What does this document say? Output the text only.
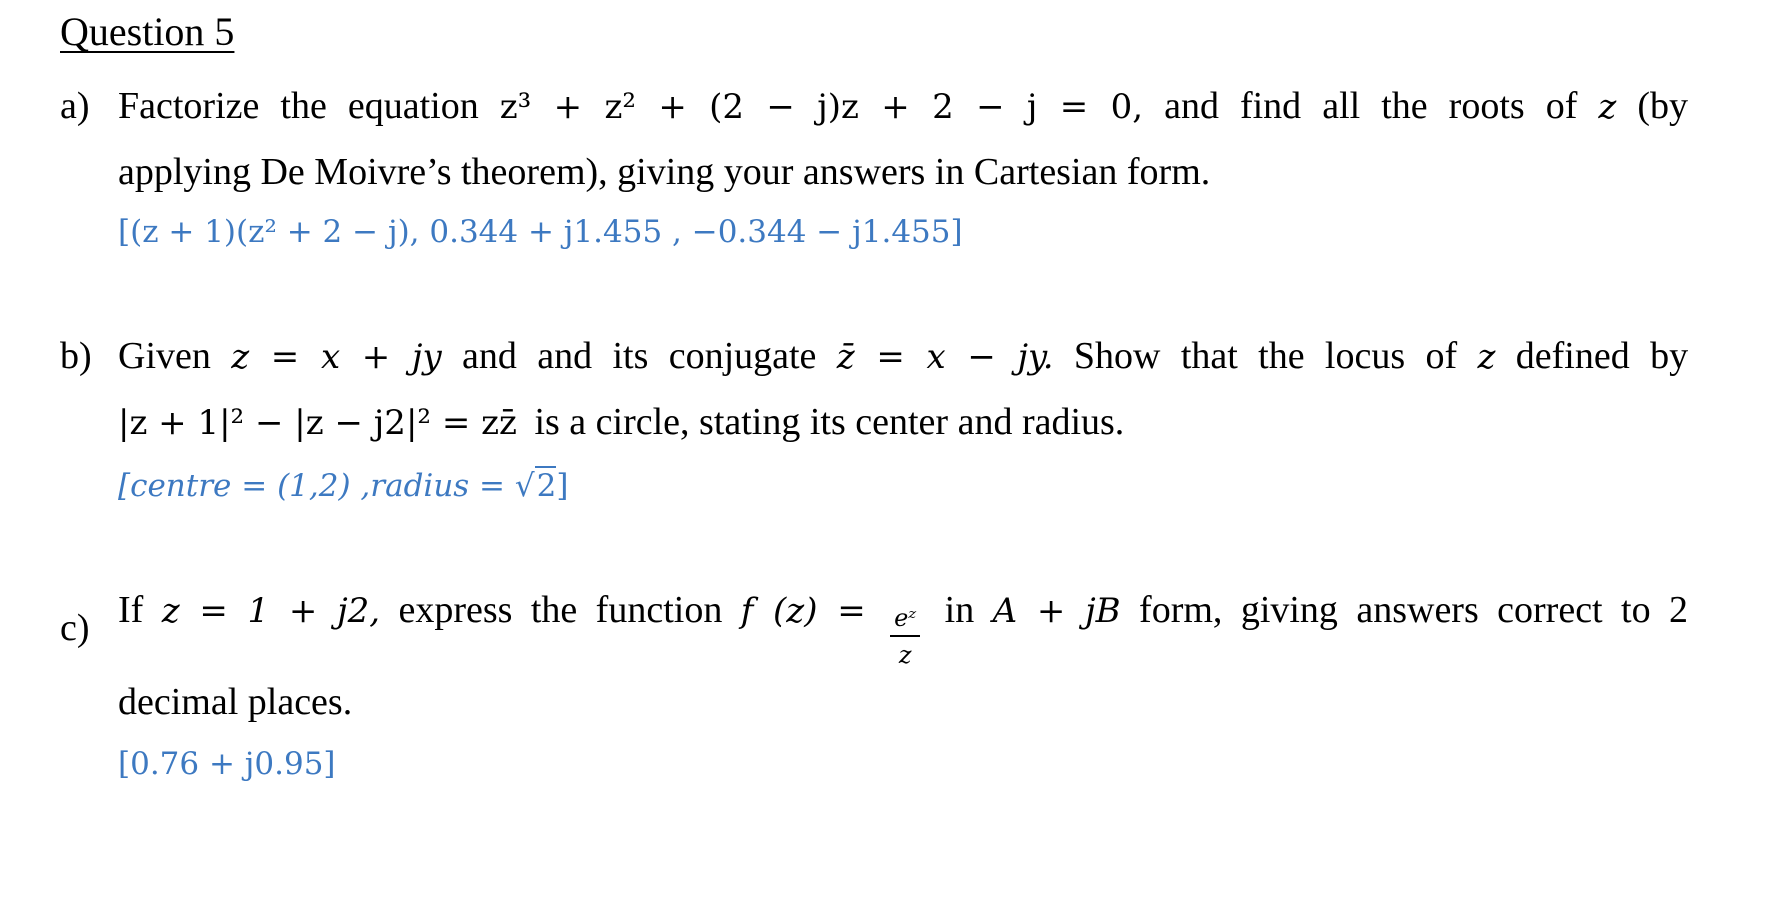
Question 5
a) Factorize the equation z³ + z² + (2 − j)z + 2 − j = 0, and find all the roots of z (by
applying De Moivre’s theorem), giving your answers in Cartesian form.
[(z + 1)(z² + 2 − j), 0.344 + j1.455 , −0.344 − j1.455]
b) Given z = x + jy and and its conjugate z̄ = x − jy. Show that the locus of z defined by
|z + 1|² − |z − j2|² = zz̄ is a circle, stating its center and radius.
[centre = (1,2) ,radius = √2]
c) If z = 1 + j2, express the function f $(z) = \frac{\text{eᶻ}}{z}$ in A + jB form, giving answers correct to 2
decimal places.
[0.76 + j0.95]
